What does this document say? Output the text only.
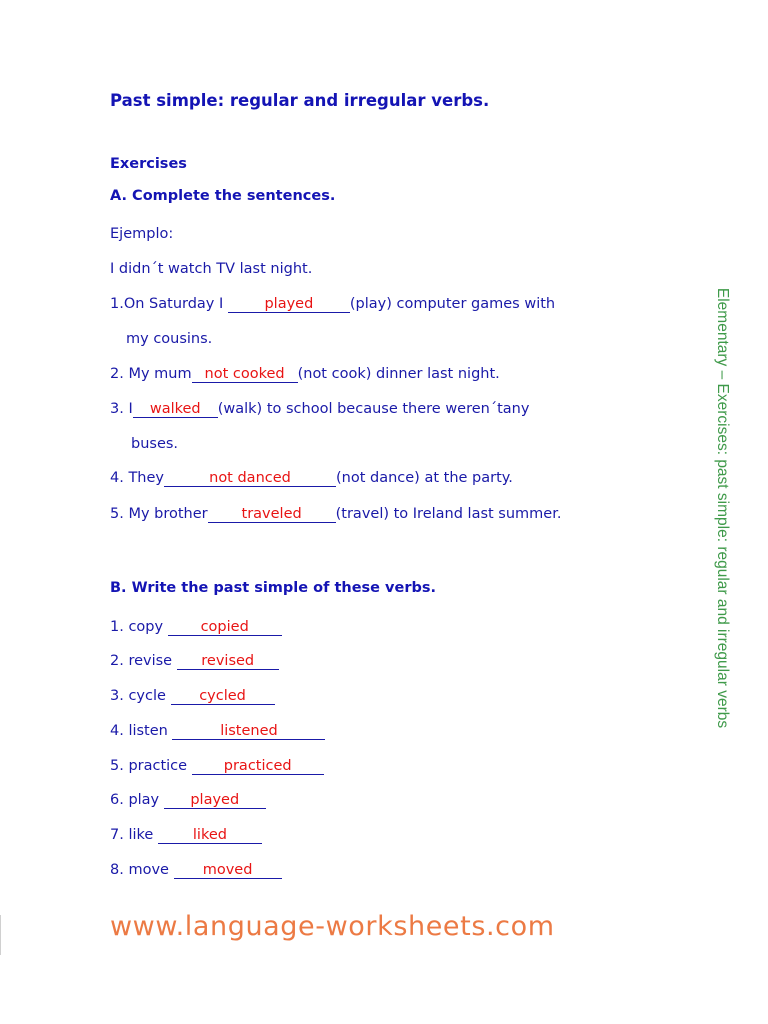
Past simple: regular and irregular verbs.
Exercises
A. Complete the sentences.
Ejemplo:
I didn´t watch TV last night.
1.On Saturday I	played	(play) computer games with
my cousins.
2. My mum not cooked (not cook) dinner last night.
3. I walked (walk) to school because there weren´tany
buses.
4. They	not danced	(not dance) at the party.
5. My brother traveled (travel) to Ireland last summer.
B. Write the past simple of these verbs.
1. copy copied
2. revise revised
3. cycle cycled
4. listen	listened
5. practice practiced
6. play played
7. like liked
8. move moved
Elementary – Exercises: past simple: regular and irregular verbs
www.language-worksheets.com
